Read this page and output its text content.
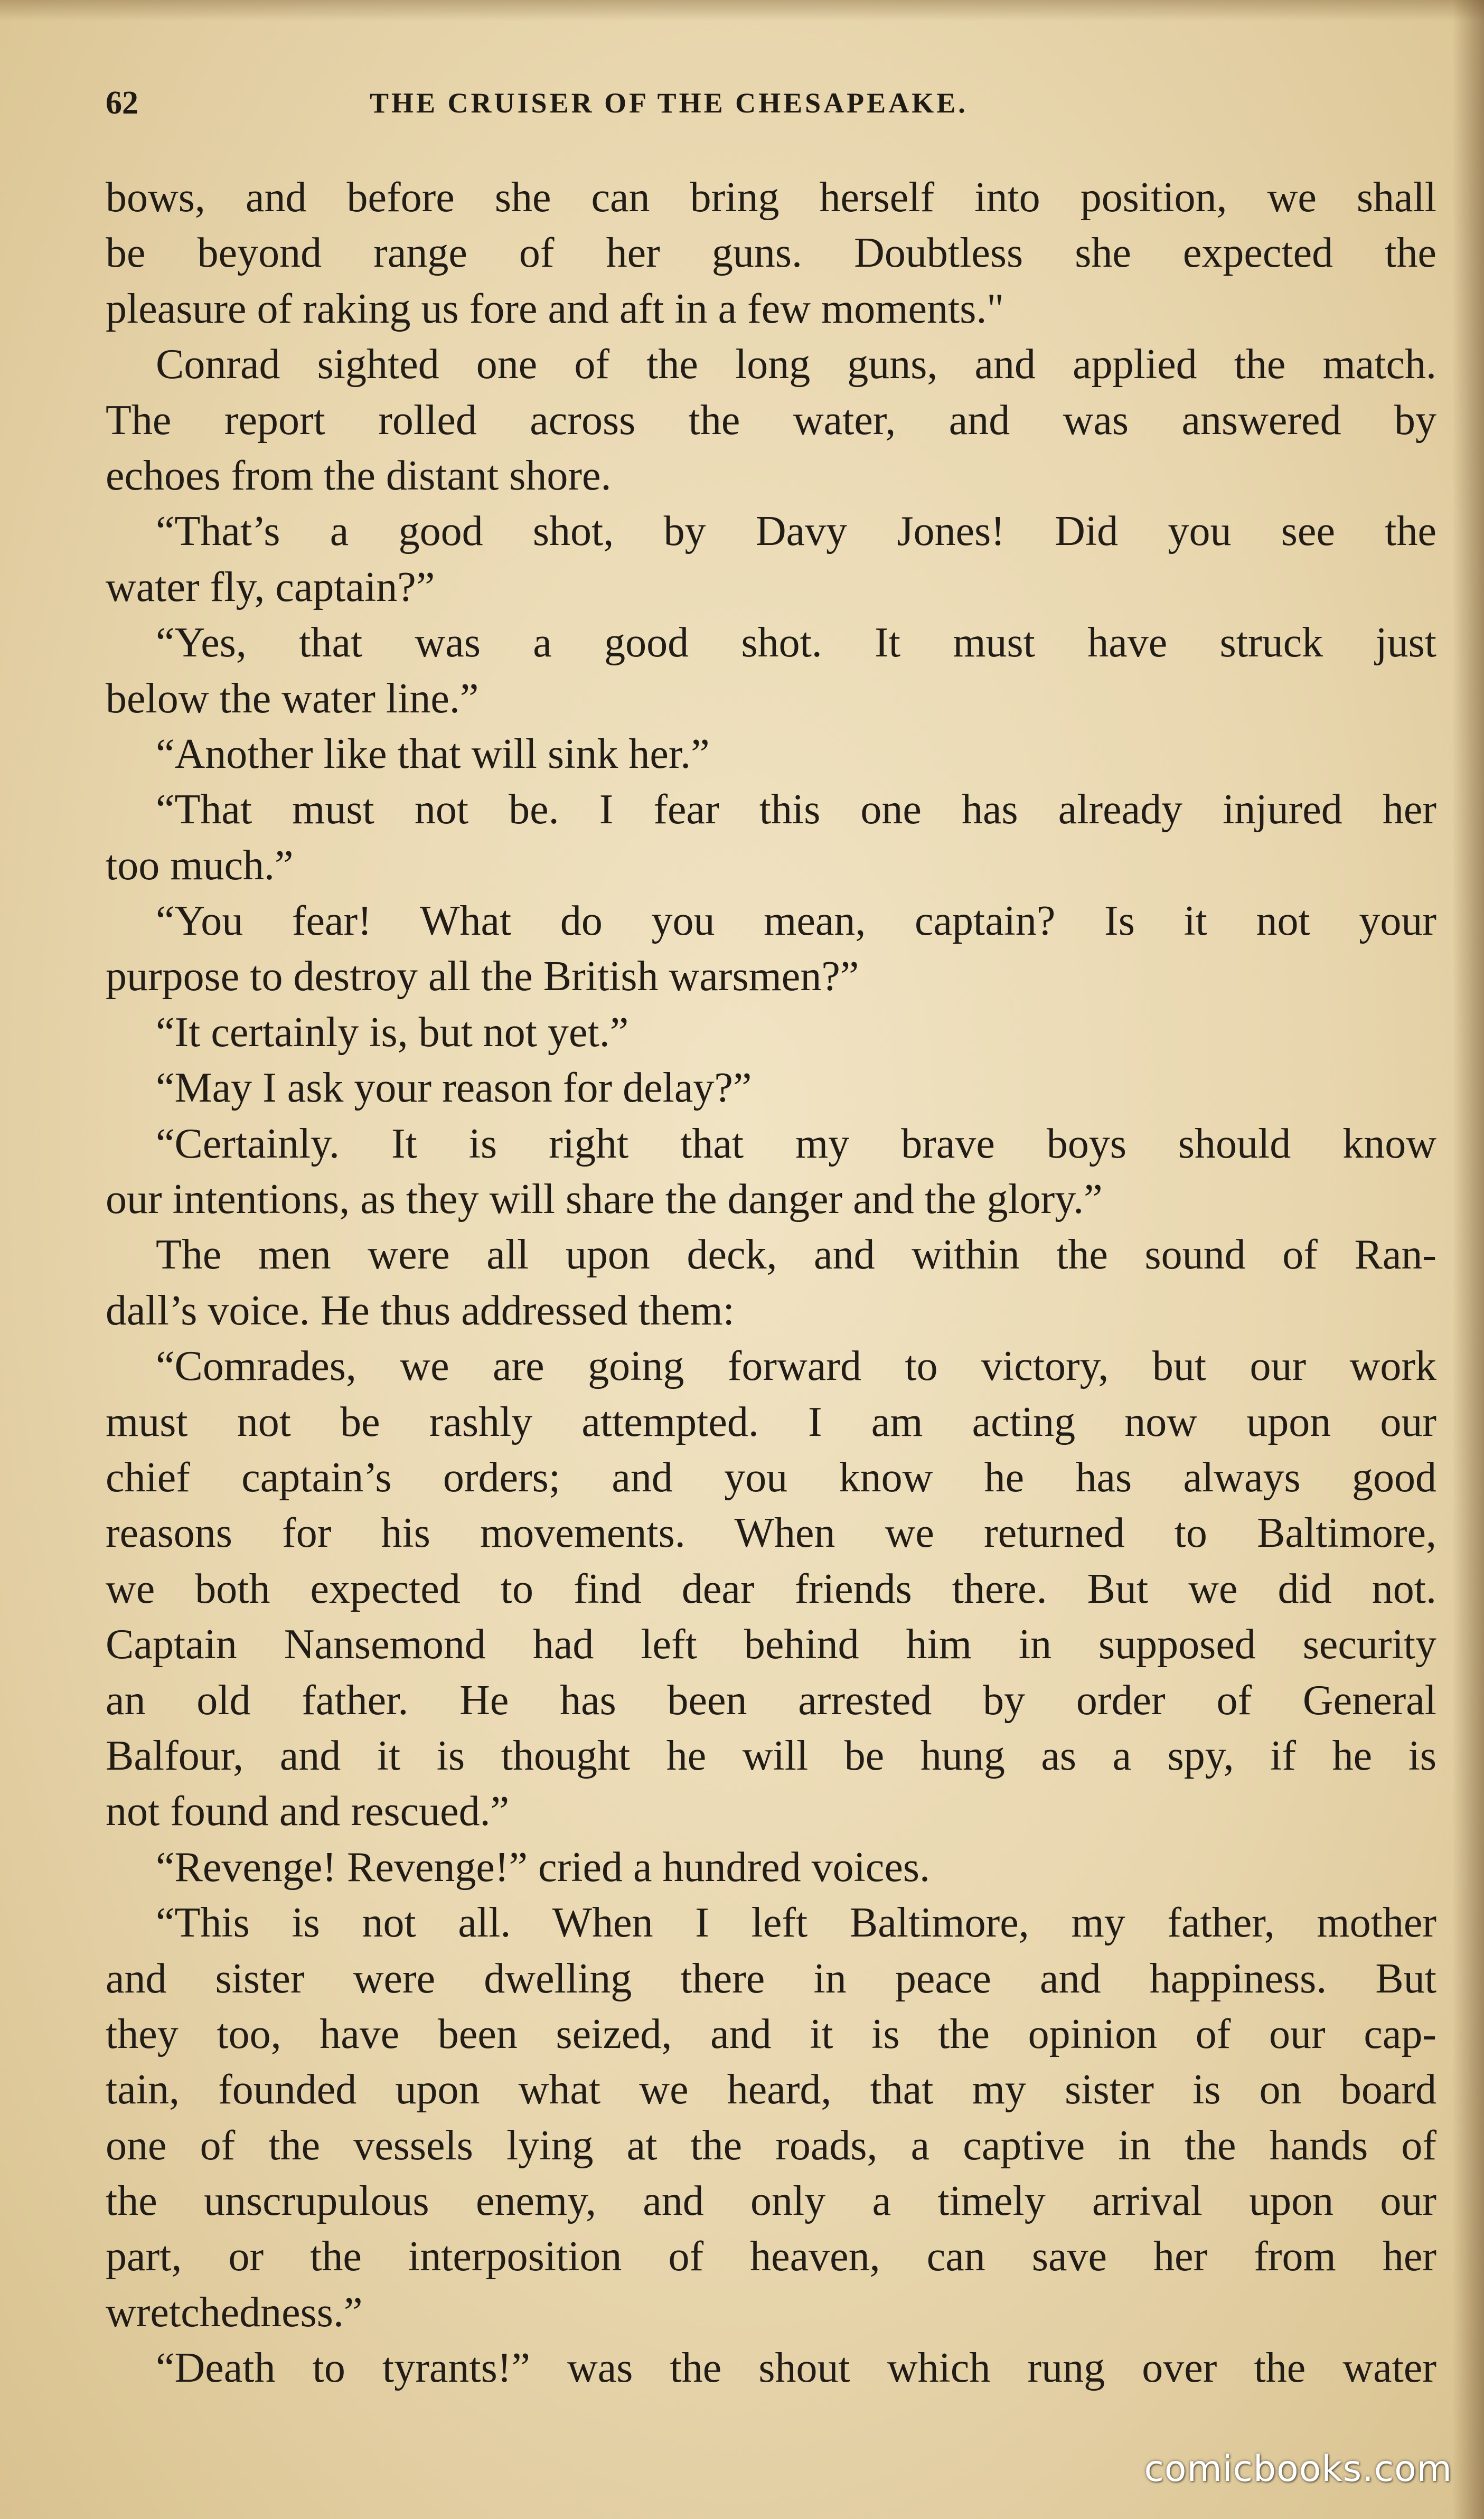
62	THE CRUISER OF THE CHESAPEAKE.
bows, and before she can bring herself into position, we shall
be beyond range of her guns. Doubtless she expected the
pleasure of raking us fore and aft in a few moments."
Conrad sighted one of the long guns, and applied the match.
The report rolled across the water, and was answered by
echoes from the distant shore.
“That’s a good shot, by Davy Jones! Did you see the
water fly, captain?”
“Yes, that was a good shot. It must have struck just
below the water line.”
“Another like that will sink her.”
“That must not be. I fear this one has already injured her
too much.”
“You fear! What do you mean, captain? Is it not your
purpose to destroy all the British warsmen?”
“It certainly is, but not yet.”
“May I ask your reason for delay?”
“Certainly. It is right that my brave boys should know
our intentions, as they will share the danger and the glory.”
The men were all upon deck, and within the sound of Ran-
dall’s voice. He thus addressed them:
“Comrades, we are going forward to victory, but our work
must not be rashly attempted. I am acting now upon our
chief captain’s orders; and you know he has always good
reasons for his movements. When we returned to Baltimore,
we both expected to find dear friends there. But we did not.
Captain Nansemond had left behind him in supposed security
an old father. He has been arrested by order of General
Balfour, and it is thought he will be hung as a spy, if he is
not found and rescued.”
“Revenge! Revenge!” cried a hundred voices.
“This is not all. When I left Baltimore, my father, mother
and sister were dwelling there in peace and happiness. But
they too, have been seized, and it is the opinion of our cap-
tain, founded upon what we heard, that my sister is on board
one of the vessels lying at the roads, a captive in the hands of
the unscrupulous enemy, and only a timely arrival upon our
part, or the interposition of heaven, can save her from her
wretchedness.”
“Death to tyrants!” was the shout which rung over the water
comicbooks.com
